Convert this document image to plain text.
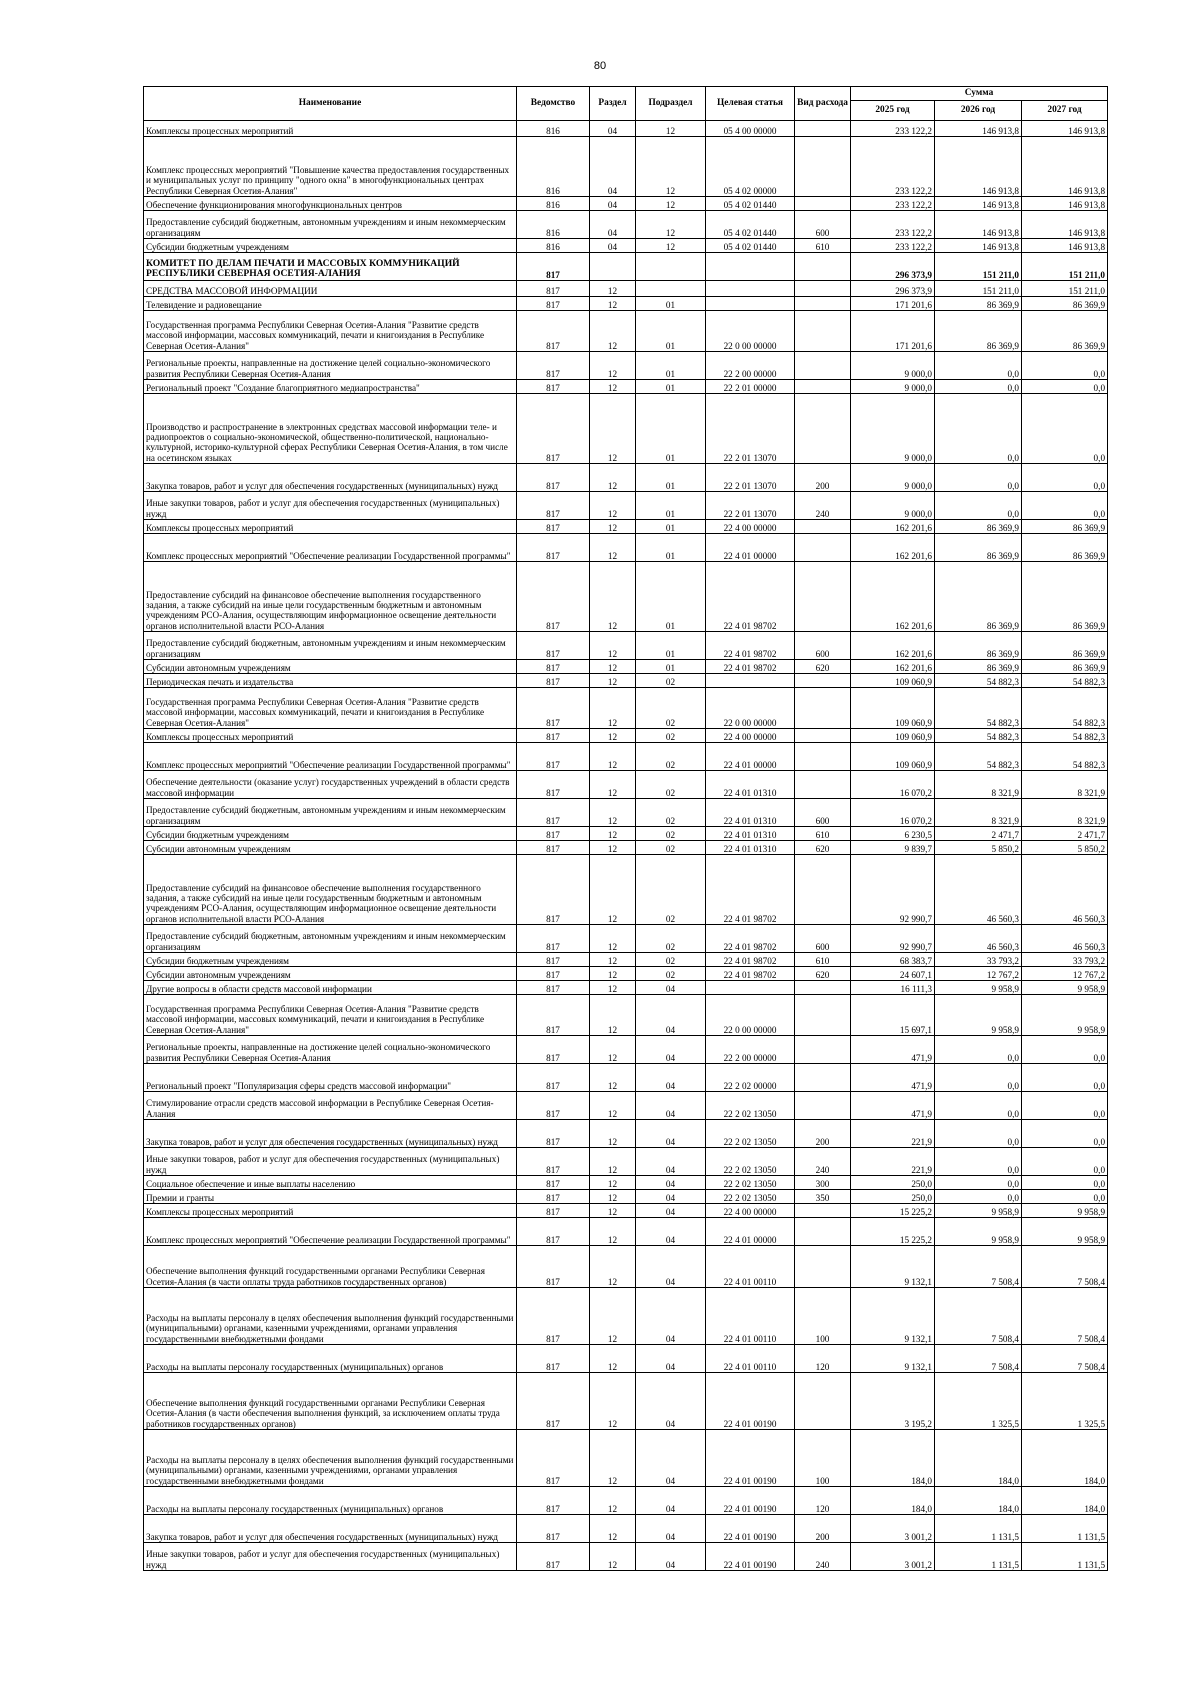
80
Наименование	Ведомство	Раздел	Подраздел	Целевая статья	Вид расхода	Сумма		
						2025 год	2026 год	2027 год
Комплексы процессных мероприятий	816	04	12	05 4 00 00000		233 122,2	146 913,8	146 913,8
Комплекс процессных мероприятий "Повышение качества предоставления государственных и муниципальных услуг по принципу "одного окна" в многофункциональных центрах Республики Северная Осетия-Алания"	816	04	12	05 4 02 00000		233 122,2	146 913,8	146 913,8
Обеспечение функционирования многофункциональных центров	816	04	12	05 4 02 01440		233 122,2	146 913,8	146 913,8
Предоставление субсидий бюджетным, автономным учреждениям и иным некоммерческим организациям	816	04	12	05 4 02 01440	600	233 122,2	146 913,8	146 913,8
Субсидии бюджетным учреждениям	816	04	12	05 4 02 01440	610	233 122,2	146 913,8	146 913,8
КОМИТЕТ ПО ДЕЛАМ ПЕЧАТИ И МАССОВЫХ КОММУНИКАЦИЙ РЕСПУБЛИКИ СЕВЕРНАЯ ОСЕТИЯ-АЛАНИЯ	817					296 373,9	151 211,0	151 211,0
СРЕДСТВА МАССОВОЙ ИНФОРМАЦИИ	817	12				296 373,9	151 211,0	151 211,0
Телевидение и радиовещание	817	12	01			171 201,6	86 369,9	86 369,9
Государственная программа Республики Северная Осетия-Алания "Развитие средств массовой информации, массовых коммуникаций, печати и книгоиздания в Республике Северная Осетия-Алания"	817	12	01	22 0 00 00000		171 201,6	86 369,9	86 369,9
Региональные проекты, направленные на достижение целей социально-экономического развития Республики Северная Осетия-Алания	817	12	01	22 2 00 00000		9 000,0	0,0	0,0
Региональный проект "Создание благоприятного медиапространства"	817	12	01	22 2 01 00000		9 000,0	0,0	0,0
Производство и распространение в электронных средствах массовой информации теле- и радиопроектов о социально-экономической, общественно-политической, национально-культурной, историко-культурной сферах Республики Северная Осетия-Алания, в том числе на осетинском языках	817	12	01	22 2 01 13070		9 000,0	0,0	0,0
Закупка товаров, работ и услуг для обеспечения государственных (муниципальных) нужд	817	12	01	22 2 01 13070	200	9 000,0	0,0	0,0
Иные закупки товаров, работ и услуг для обеспечения государственных (муниципальных) нужд	817	12	01	22 2 01 13070	240	9 000,0	0,0	0,0
Комплексы процессных мероприятий	817	12	01	22 4 00 00000		162 201,6	86 369,9	86 369,9
Комплекс процессных мероприятий "Обеспечение реализации Государственной программы"	817	12	01	22 4 01 00000		162 201,6	86 369,9	86 369,9
Предоставление субсидий на финансовое обеспечение выполнения государственного задания, а также субсидий на иные цели государственным бюджетным и автономным учреждениям РСО-Алания, осуществляющим информационное освещение деятельности органов исполнительной власти РСО-Алания	817	12	01	22 4 01 98702		162 201,6	86 369,9	86 369,9
Предоставление субсидий бюджетным, автономным учреждениям и иным некоммерческим организациям	817	12	01	22 4 01 98702	600	162 201,6	86 369,9	86 369,9
Субсидии автономным учреждениям	817	12	01	22 4 01 98702	620	162 201,6	86 369,9	86 369,9
Периодическая печать и издательства	817	12	02			109 060,9	54 882,3	54 882,3
Государственная программа Республики Северная Осетия-Алания "Развитие средств массовой информации, массовых коммуникаций, печати и книгоиздания в Республике Северная Осетия-Алания"	817	12	02	22 0 00 00000		109 060,9	54 882,3	54 882,3
Комплексы процессных мероприятий	817	12	02	22 4 00 00000		109 060,9	54 882,3	54 882,3
Комплекс процессных мероприятий "Обеспечение реализации Государственной программы"	817	12	02	22 4 01 00000		109 060,9	54 882,3	54 882,3
Обеспечение деятельности (оказание услуг) государственных учреждений в области средств массовой информации	817	12	02	22 4 01 01310		16 070,2	8 321,9	8 321,9
Предоставление субсидий бюджетным, автономным учреждениям и иным некоммерческим организациям	817	12	02	22 4 01 01310	600	16 070,2	8 321,9	8 321,9
Субсидии бюджетным учреждениям	817	12	02	22 4 01 01310	610	6 230,5	2 471,7	2 471,7
Субсидии автономным учреждениям	817	12	02	22 4 01 01310	620	9 839,7	5 850,2	5 850,2
Предоставление субсидий на финансовое обеспечение выполнения государственного задания, а также субсидий на иные цели государственным бюджетным и автономным учреждениям РСО-Алания, осуществляющим информационное освещение деятельности органов исполнительной власти РСО-Алания	817	12	02	22 4 01 98702		92 990,7	46 560,3	46 560,3
Предоставление субсидий бюджетным, автономным учреждениям и иным некоммерческим организациям	817	12	02	22 4 01 98702	600	92 990,7	46 560,3	46 560,3
Субсидии бюджетным учреждениям	817	12	02	22 4 01 98702	610	68 383,7	33 793,2	33 793,2
Субсидии автономным учреждениям	817	12	02	22 4 01 98702	620	24 607,1	12 767,2	12 767,2
Другие вопросы в области средств массовой информации	817	12	04			16 111,3	9 958,9	9 958,9
Государственная программа Республики Северная Осетия-Алания "Развитие средств массовой информации, массовых коммуникаций, печати и книгоиздания в Республике Северная Осетия-Алания"	817	12	04	22 0 00 00000		15 697,1	9 958,9	9 958,9
Региональные проекты, направленные на достижение целей социально-экономического развития Республики Северная Осетия-Алания	817	12	04	22 2 00 00000		471,9	0,0	0,0
Региональный проект "Популяризация сферы средств массовой информации"	817	12	04	22 2 02 00000		471,9	0,0	0,0
Стимулирование отрасли средств массовой информации в Республике Северная Осетия-Алания	817	12	04	22 2 02 13050		471,9	0,0	0,0
Закупка товаров, работ и услуг для обеспечения государственных (муниципальных) нужд	817	12	04	22 2 02 13050	200	221,9	0,0	0,0
Иные закупки товаров, работ и услуг для обеспечения государственных (муниципальных) нужд	817	12	04	22 2 02 13050	240	221,9	0,0	0,0
Социальное обеспечение и иные выплаты населению	817	12	04	22 2 02 13050	300	250,0	0,0	0,0
Премии и гранты	817	12	04	22 2 02 13050	350	250,0	0,0	0,0
Комплексы процессных мероприятий	817	12	04	22 4 00 00000		15 225,2	9 958,9	9 958,9
Комплекс процессных мероприятий "Обеспечение реализации Государственной программы"	817	12	04	22 4 01 00000		15 225,2	9 958,9	9 958,9
Обеспечение выполнения функций государственными органами Республики Северная Осетия-Алания (в части оплаты труда работников государственных органов)	817	12	04	22 4 01 00110		9 132,1	7 508,4	7 508,4
Расходы на выплаты персоналу в целях обеспечения выполнения функций государственными (муниципальными) органами, казенными учреждениями, органами управления государственными внебюджетными фондами	817	12	04	22 4 01 00110	100	9 132,1	7 508,4	7 508,4
Расходы на выплаты персоналу государственных (муниципальных) органов	817	12	04	22 4 01 00110	120	9 132,1	7 508,4	7 508,4
Обеспечение выполнения функций государственными органами Республики Северная Осетия-Алания (в части обеспечения выполнения функций, за исключением оплаты труда работников государственных органов)	817	12	04	22 4 01 00190		3 195,2	1 325,5	1 325,5
Расходы на выплаты персоналу в целях обеспечения выполнения функций государственными (муниципальными) органами, казенными учреждениями, органами управления государственными внебюджетными фондами	817	12	04	22 4 01 00190	100	184,0	184,0	184,0
Расходы на выплаты персоналу государственных (муниципальных) органов	817	12	04	22 4 01 00190	120	184,0	184,0	184,0
Закупка товаров, работ и услуг для обеспечения государственных (муниципальных) нужд	817	12	04	22 4 01 00190	200	3 001,2	1 131,5	1 131,5
Иные закупки товаров, работ и услуг для обеспечения государственных (муниципальных) нужд	817	12	04	22 4 01 00190	240	3 001,2	1 131,5	1 131,5
